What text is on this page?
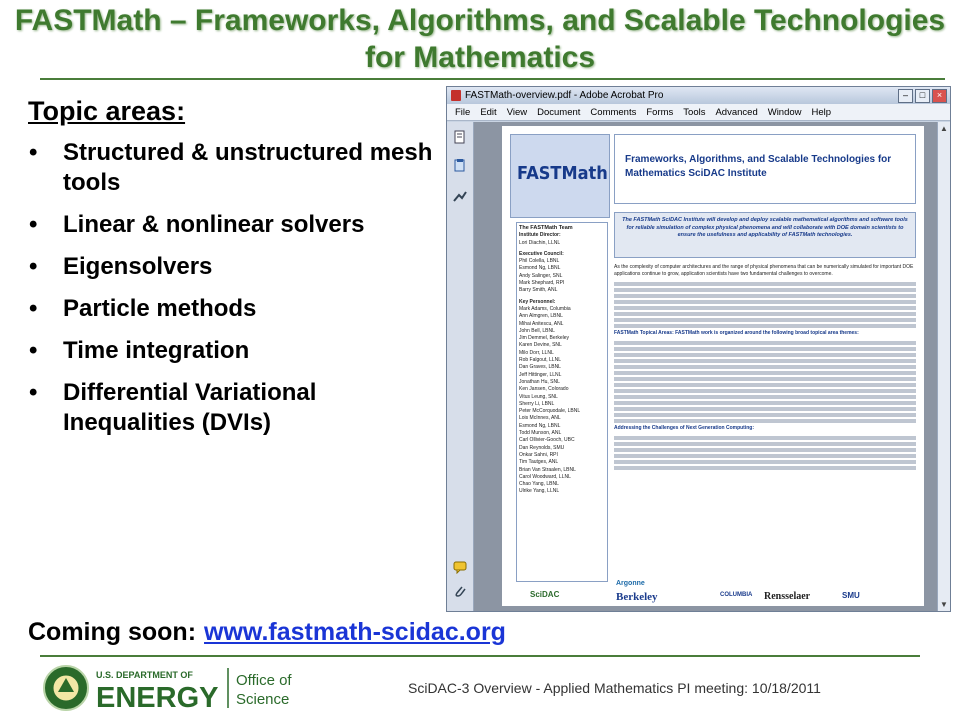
FASTMath – Frameworks, Algorithms, and Scalable Technologies for Mathematics
Topic areas:
• Structured & unstructured mesh tools
• Linear & nonlinear solvers
• Eigensolvers
• Particle methods
• Time integration
• Differential Variational Inequalities (DVIs)
FASTMath-overview.pdf - Adobe Acrobat Pro	–	□	×
File Edit View Document Comments Forms Tools Advanced Window Help
FASTMath
Frameworks, Algorithms, and Scalable Technologies for Mathematics SciDAC Institute
The FASTMath Team
Institute Director:
Lori Diachin, LLNL
Executive Council:
Phil Colella, LBNL
Esmond Ng, LBNL
Andy Salinger, SNL
Mark Shephard, RPI
Barry Smith, ANL
Key Personnel:
Mark Adams, Columbia
Ann Almgren, LBNL
Mihai Anitescu, ANL
John Bell, LBNL
Jim Demmel, Berkeley
Karen Devine, SNL
Milo Dorr, LLNL
Rob Falgout, LLNL
Dan Graves, LBNL
Jeff Hittinger, LLNL
Jonathan Hu, SNL
Ken Jansen, Colorado
Vitus Leung, SNL
Sherry Li, LBNL
Peter McCorquodale, LBNL
Lois McInnes, ANL
Esmond Ng, LBNL
Todd Munson, ANL
Carl Ollivier-Gooch, UBC
Dan Reynolds, SMU
Onkar Sahni, RPI
Tim Tautges, ANL
Brian Van Straalen, LBNL
Carol Woodward, LLNL
Chao Yang, LBNL
Ulrike Yang, LLNL
The FASTMath SciDAC Institute will develop and deploy scalable mathematical algorithms and software tools for reliable simulation of complex physical phenomena and will collaborate with DOE domain scientists to ensure the usefulness and applicability of FASTMath technologies.

As the complexity of computer architectures and the range of physical phenomena that can be numerically simulated for important DOE applications continue to grow, application scientists have two fundamental challenges to overcome.

FASTMath Topical Areas: FASTMath work is organized around the following broad topical area themes:

Addressing the Challenges of Next Generation Computing:

SciDAC
Argonne
Berkeley	COLUMBIA Rensselaer	SMU
▲
▼
Coming soon: www.fastmath-scidac.org
U.S. DEPARTMENT OF
ENERGY
Office of
Science
SciDAC-3 Overview - Applied Mathematics PI meeting: 10/18/2011
